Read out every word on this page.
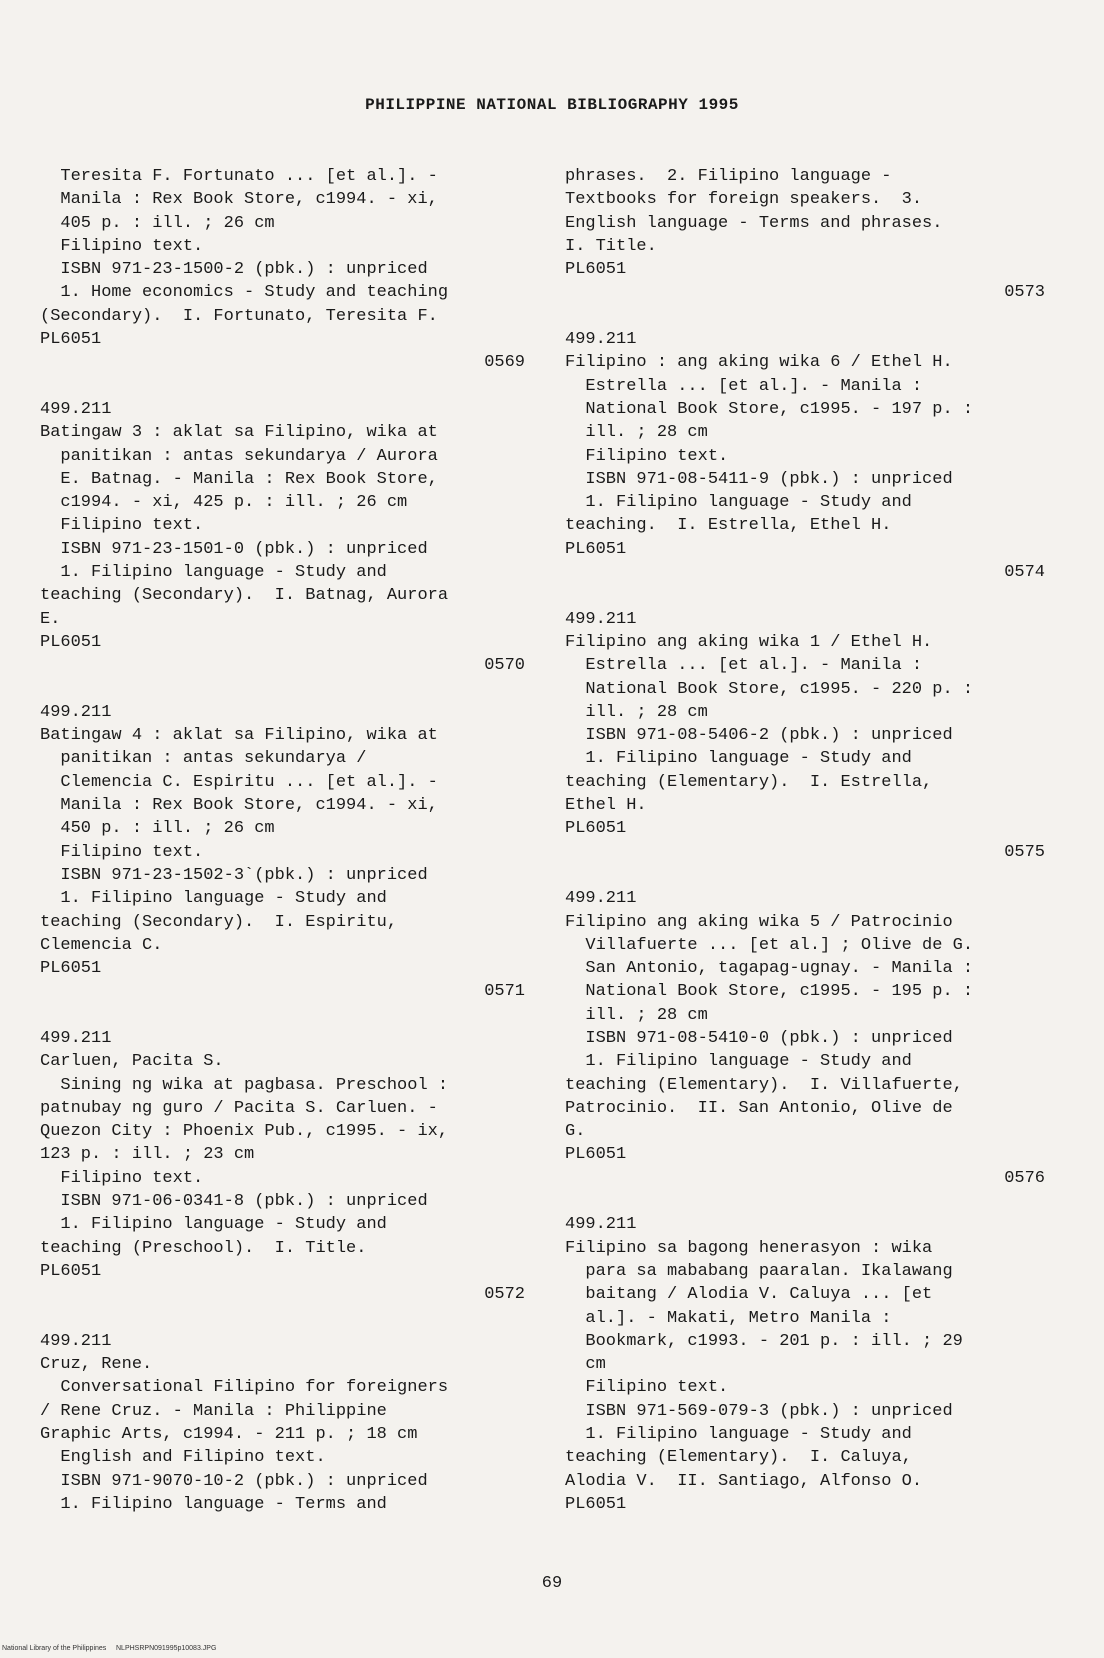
PHILIPPINE NATIONAL BIBLIOGRAPHY 1995
Teresita F. Fortunato ... [et al.]. -
Manila : Rex Book Store, c1994. - xi,
405 p. : ill. ; 26 cm
Filipino text.
ISBN 971-23-1500-2 (pbk.) : unpriced
1. Home economics - Study and teaching
(Secondary).  I. Fortunato, Teresita F.
PL6051
0569
499.211
Batingaw 3 : aklat sa Filipino, wika at
panitikan : antas sekundarya / Aurora
E. Batnag. - Manila : Rex Book Store,
c1994. - xi, 425 p. : ill. ; 26 cm
Filipino text.
ISBN 971-23-1501-0 (pbk.) : unpriced
1. Filipino language - Study and
teaching (Secondary).  I. Batnag, Aurora
E.
PL6051
0570
499.211
Batingaw 4 : aklat sa Filipino, wika at
panitikan : antas sekundarya /
Clemencia C. Espiritu ... [et al.]. -
Manila : Rex Book Store, c1994. - xi,
450 p. : ill. ; 26 cm
Filipino text.
ISBN 971-23-1502-3`(pbk.) : unpriced
1. Filipino language - Study and
teaching (Secondary).  I. Espiritu,
Clemencia C.
PL6051
0571
499.211
Carluen, Pacita S.
Sining ng wika at pagbasa. Preschool :
patnubay ng guro / Pacita S. Carluen. -
Quezon City : Phoenix Pub., c1995. - ix,
123 p. : ill. ; 23 cm
Filipino text.
ISBN 971-06-0341-8 (pbk.) : unpriced
1. Filipino language - Study and
teaching (Preschool).  I. Title.
PL6051
0572
499.211
Cruz, Rene.
Conversational Filipino for foreigners
/ Rene Cruz. - Manila : Philippine
Graphic Arts, c1994. - 211 p. ; 18 cm
English and Filipino text.
ISBN 971-9070-10-2 (pbk.) : unpriced
1. Filipino language - Terms and
phrases.  2. Filipino language -
Textbooks for foreign speakers.  3.
English language - Terms and phrases.
I. Title.
PL6051
0573
499.211
Filipino : ang aking wika 6 / Ethel H.
Estrella ... [et al.]. - Manila :
National Book Store, c1995. - 197 p. :
ill. ; 28 cm
Filipino text.
ISBN 971-08-5411-9 (pbk.) : unpriced
1. Filipino language - Study and
teaching.  I. Estrella, Ethel H.
PL6051
0574
499.211
Filipino ang aking wika 1 / Ethel H.
Estrella ... [et al.]. - Manila :
National Book Store, c1995. - 220 p. :
ill. ; 28 cm
ISBN 971-08-5406-2 (pbk.) : unpriced
1. Filipino language - Study and
teaching (Elementary).  I. Estrella,
Ethel H.
PL6051
0575
499.211
Filipino ang aking wika 5 / Patrocinio
Villafuerte ... [et al.] ; Olive de G.
San Antonio, tagapag-ugnay. - Manila :
National Book Store, c1995. - 195 p. :
ill. ; 28 cm
ISBN 971-08-5410-0 (pbk.) : unpriced
1. Filipino language - Study and
teaching (Elementary).  I. Villafuerte,
Patrocinio.  II. San Antonio, Olive de
G.
PL6051
0576
499.211
Filipino sa bagong henerasyon : wika
para sa mababang paaralan. Ikalawang
baitang / Alodia V. Caluya ... [et
al.]. - Makati, Metro Manila :
Bookmark, c1993. - 201 p. : ill. ; 29
cm
Filipino text.
ISBN 971-569-079-3 (pbk.) : unpriced
1. Filipino language - Study and
teaching (Elementary).  I. Caluya,
Alodia V.  II. Santiago, Alfonso O.
PL6051
69
National Library of the Philippines     NLPHSRPN091995p10083.JPG
